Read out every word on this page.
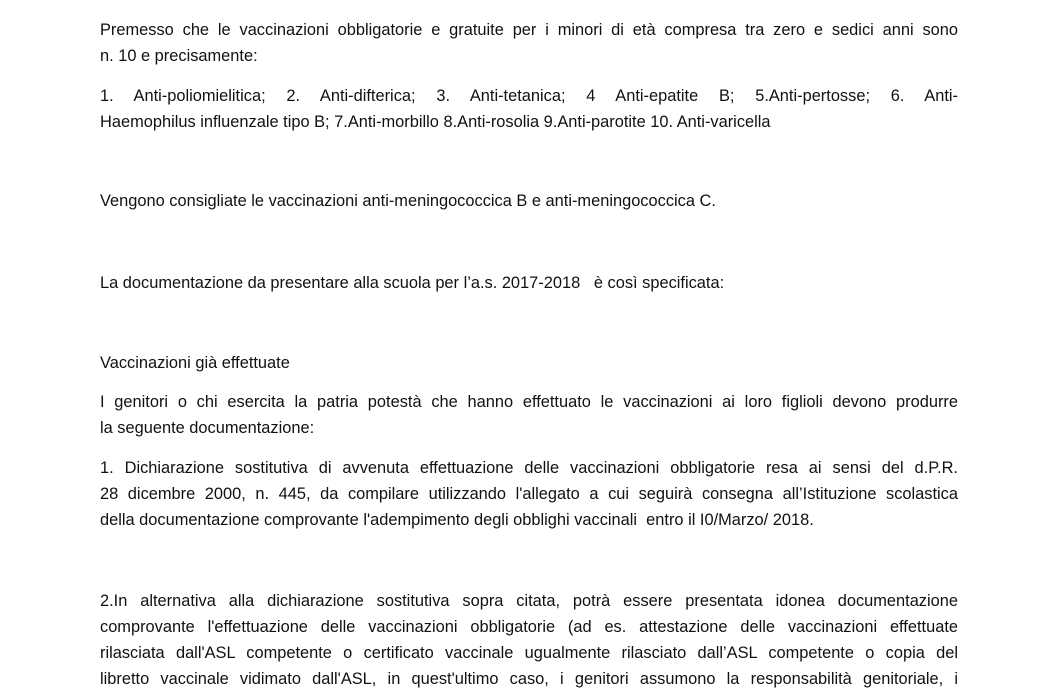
Premesso che le vaccinazioni obbligatorie e gratuite per i minori di età compresa tra zero e sedici anni sono
n. 10 e precisamente:
1. Anti-poliomielitica; 2. Anti-difterica; 3. Anti-tetanica; 4 Anti-epatite B; 5.Anti-pertosse; 6. Anti-
Haemophilus influenzale tipo B; 7.Anti-morbillo 8.Anti-rosolia 9.Anti-parotite 10. Anti-varicella
Vengono consigliate le vaccinazioni anti-meningococcica B e anti-meningococcica C.
La documentazione da presentare alla scuola per l’a.s. 2017-2018   è così specificata:
Vaccinazioni già effettuate
I genitori o chi esercita la patria potestà che hanno effettuato le vaccinazioni ai loro figlioli devono produrre
la seguente documentazione:
1. Dichiarazione sostitutiva di avvenuta effettuazione delle vaccinazioni obbligatorie resa ai sensi del d.P.R.
28 dicembre 2000, n. 445, da compilare utilizzando l'allegato a cui seguirà consegna all’Istituzione scolastica
della documentazione comprovante l'adempimento degli obblighi vaccinali  entro il I0/Marzo/ 2018.
2.In alternativa alla dichiarazione sostitutiva sopra citata, potrà essere presentata idonea documentazione
comprovante l'effettuazione delle vaccinazioni obbligatorie (ad es. attestazione delle vaccinazioni effettuate
rilasciata dall'ASL competente o certificato vaccinale ugualmente rilasciato dall’ASL competente o copia del
libretto vaccinale vidimato dall'ASL, in quest'ultimo caso, i genitori assumono la responsabilità genitoriale, i
